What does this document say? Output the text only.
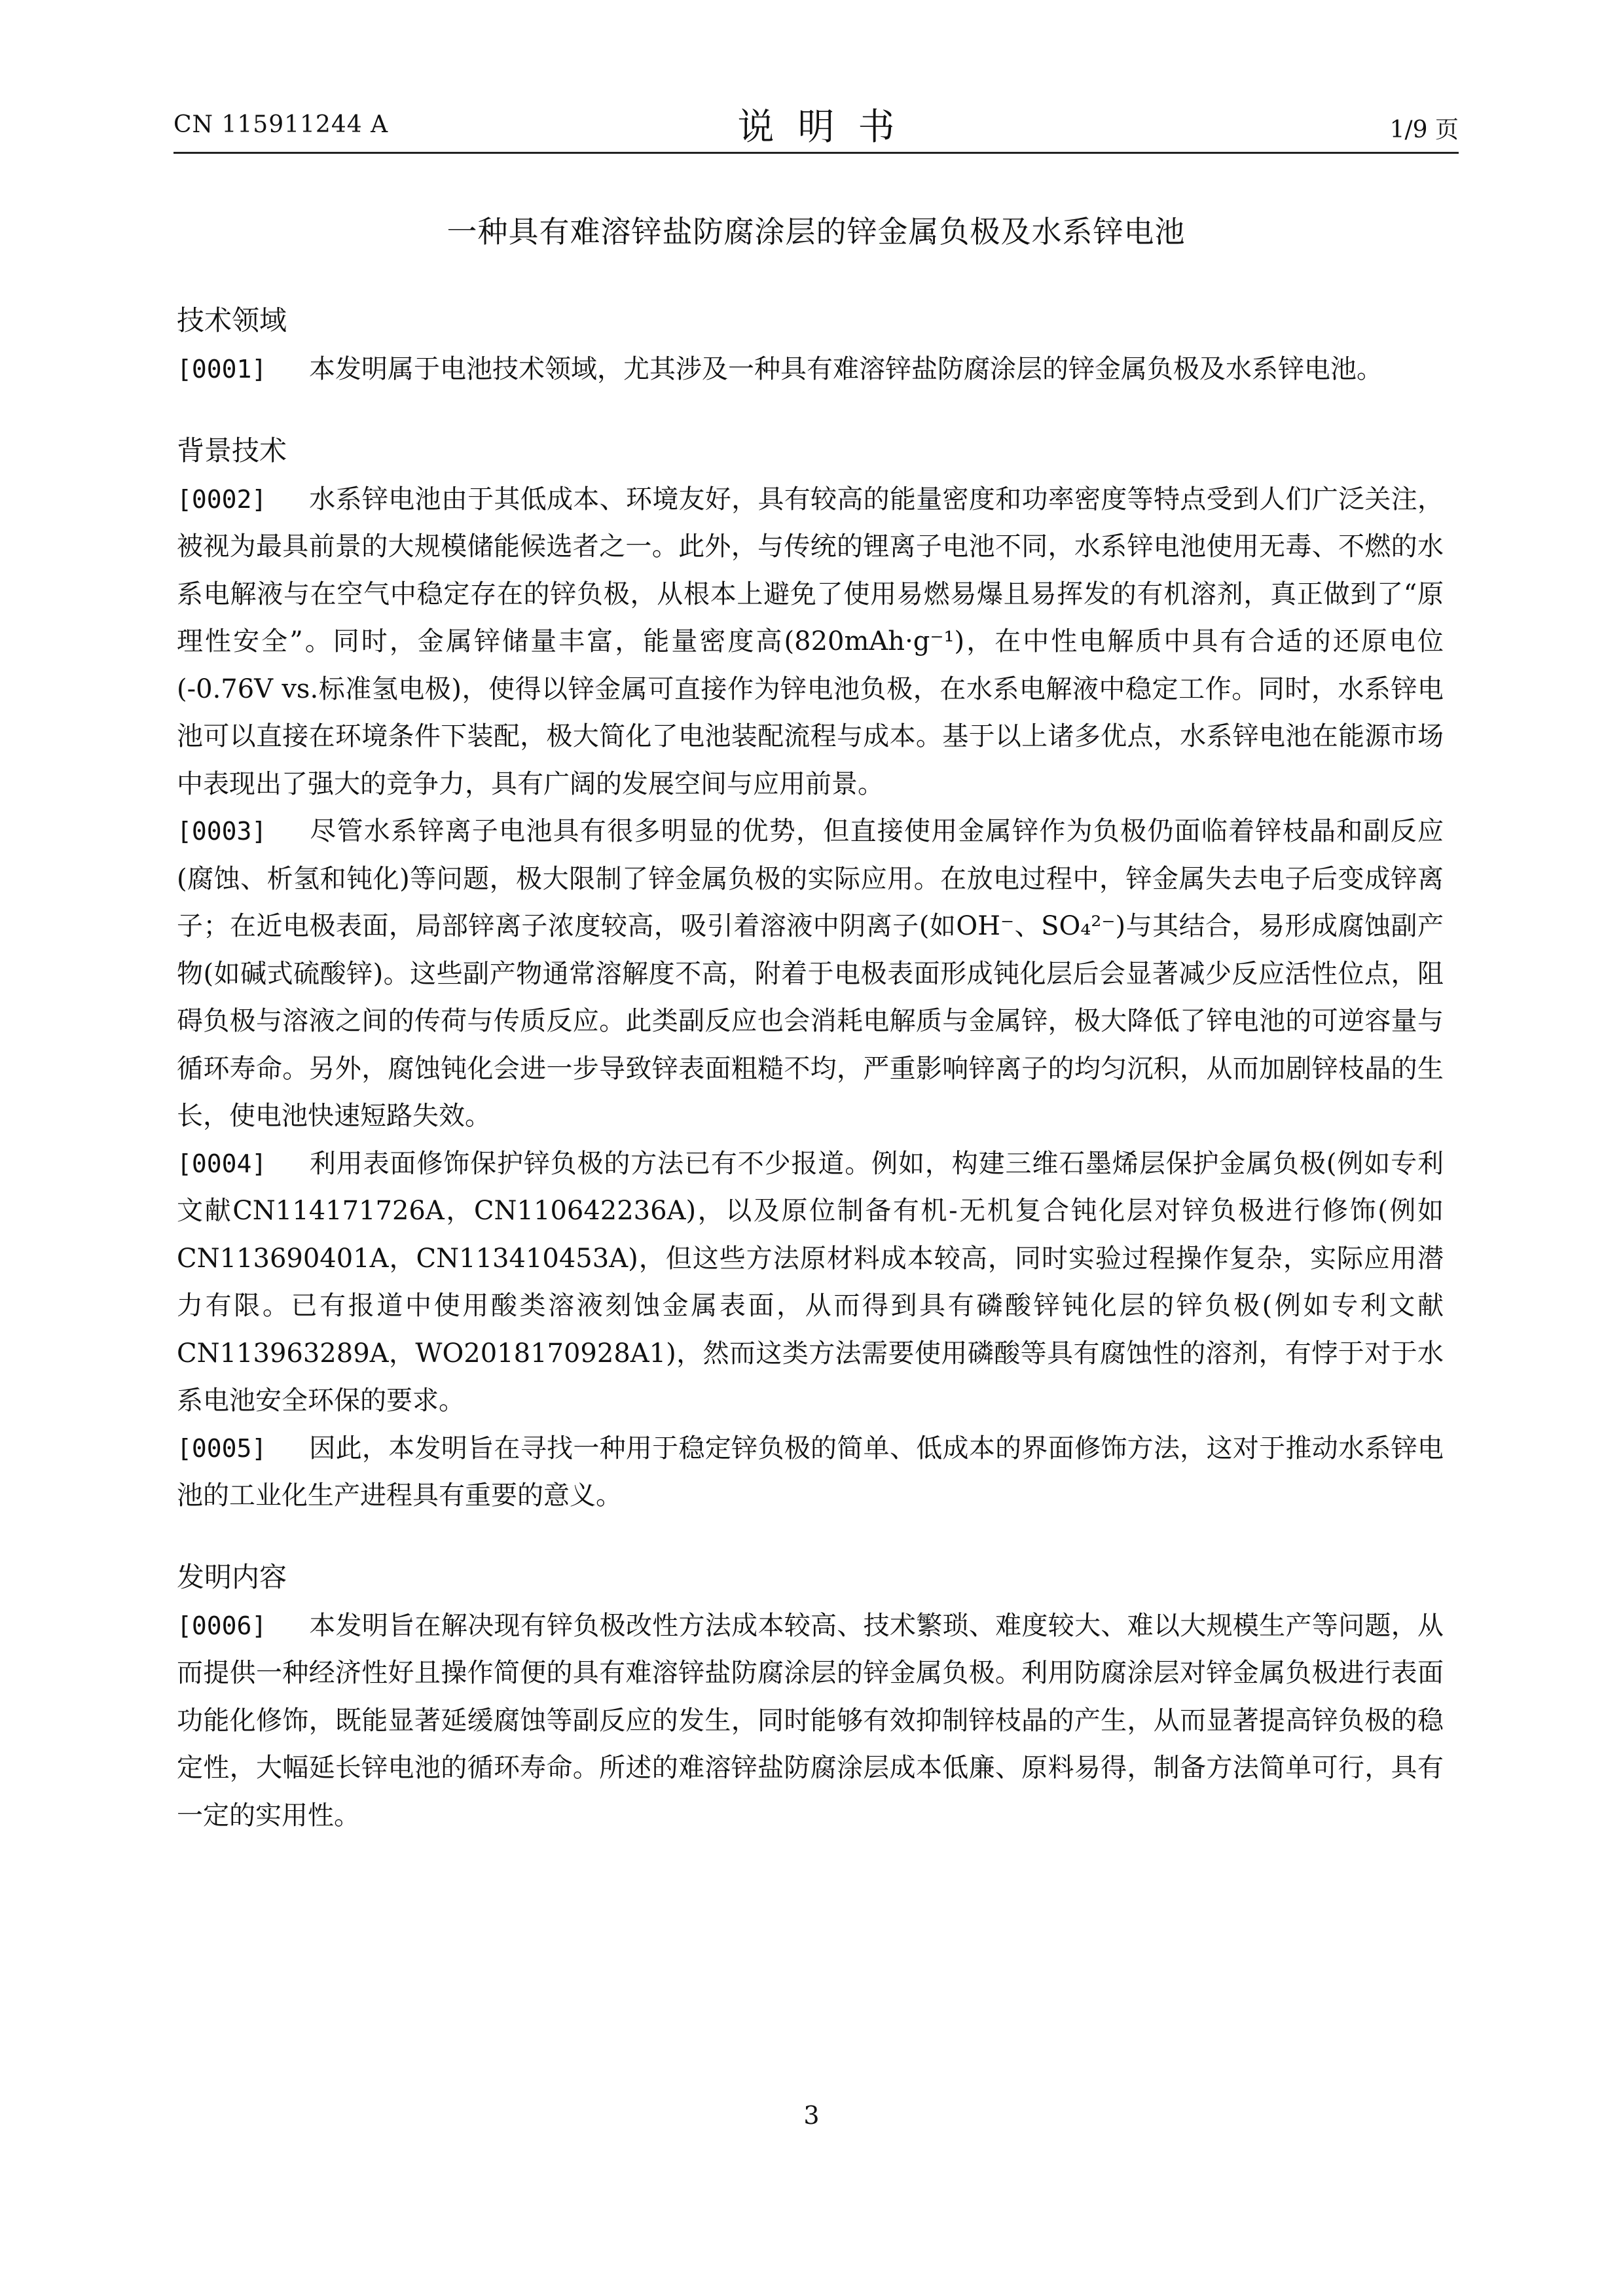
CN 115911244 A	说明书	1/9 页
一种具有难溶锌盐防腐涂层的锌金属负极及水系锌电池
技术领域

[0001] 本发明属于电池技术领域，尤其涉及一种具有难溶锌盐防腐涂层的锌金属负极及水系锌电池。

背景技术

[0002] 水系锌电池由于其低成本、环境友好，具有较高的能量密度和功率密度等特点受到人们广泛关注，被视为最具前景的大规模储能候选者之一。此外，与传统的锂离子电池不同，水系锌电池使用无毒、不燃的水系电解液与在空气中稳定存在的锌负极，从根本上避免了使用易燃易爆且易挥发的有机溶剂，真正做到了“原理性安全”。同时，金属锌储量丰富，能量密度高(820mAh·g⁻¹)，在中性电解质中具有合适的还原电位(-0.76V vs.标准氢电极)，使得以锌金属可直接作为锌电池负极，在水系电解液中稳定工作。同时，水系锌电池可以直接在环境条件下装配，极大简化了电池装配流程与成本。基于以上诸多优点，水系锌电池在能源市场中表现出了强大的竞争力，具有广阔的发展空间与应用前景。

[0003] 尽管水系锌离子电池具有很多明显的优势，但直接使用金属锌作为负极仍面临着锌枝晶和副反应(腐蚀、析氢和钝化)等问题，极大限制了锌金属负极的实际应用。在放电过程中，锌金属失去电子后变成锌离子；在近电极表面，局部锌离子浓度较高，吸引着溶液中阴离子(如OH⁻、SO₄²⁻)与其结合，易形成腐蚀副产物(如碱式硫酸锌)。这些副产物通常溶解度不高，附着于电极表面形成钝化层后会显著减少反应活性位点，阻碍负极与溶液之间的传荷与传质反应。此类副反应也会消耗电解质与金属锌，极大降低了锌电池的可逆容量与循环寿命。另外，腐蚀钝化会进一步导致锌表面粗糙不均，严重影响锌离子的均匀沉积，从而加剧锌枝晶的生长，使电池快速短路失效。

[0004] 利用表面修饰保护锌负极的方法已有不少报道。例如，构建三维石墨烯层保护金属负极(例如专利文献CN114171726A，CN110642236A)，以及原位制备有机-无机复合钝化层对锌负极进行修饰(例如CN113690401A，CN113410453A)，但这些方法原材料成本较高，同时实验过程操作复杂，实际应用潜力有限。已有报道中使用酸类溶液刻蚀金属表面，从而得到具有磷酸锌钝化层的锌负极(例如专利文献CN113963289A，WO2018170928A1)，然而这类方法需要使用磷酸等具有腐蚀性的溶剂，有悖于对于水系电池安全环保的要求。

[0005] 因此，本发明旨在寻找一种用于稳定锌负极的简单、低成本的界面修饰方法，这对于推动水系锌电池的工业化生产进程具有重要的意义。

发明内容

[0006] 本发明旨在解决现有锌负极改性方法成本较高、技术繁琐、难度较大、难以大规模生产等问题，从而提供一种经济性好且操作简便的具有难溶锌盐防腐涂层的锌金属负极。利用防腐涂层对锌金属负极进行表面功能化修饰，既能显著延缓腐蚀等副反应的发生，同时能够有效抑制锌枝晶的产生，从而显著提高锌负极的稳定性，大幅延长锌电池的循环寿命。所述的难溶锌盐防腐涂层成本低廉、原料易得，制备方法简单可行，具有一定的实用性。

3
